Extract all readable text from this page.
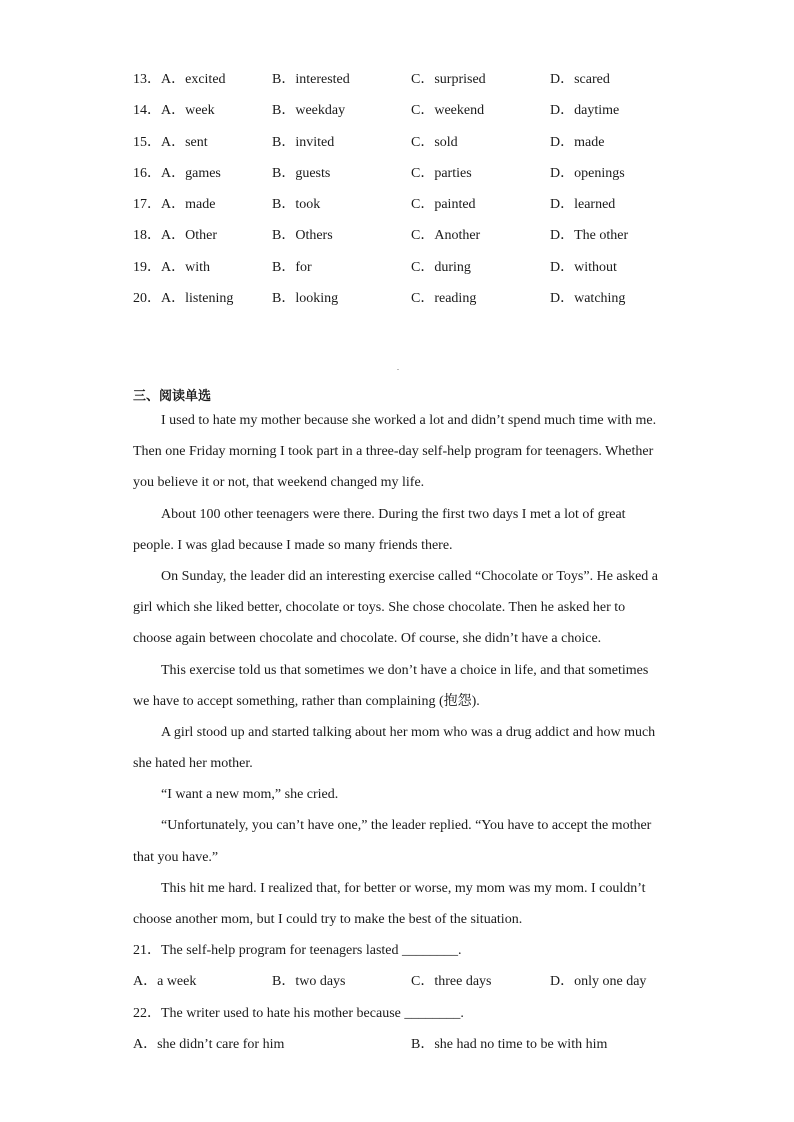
13．A．excited	B．interested	C．surprised	D．scared
14．A．week	B．weekday	C．weekend	D．daytime
15．A．sent	B．invited	C．sold	D．made
16．A．games	B．guests	C．parties	D．openings
17．A．made	B．took	C．painted	D．learned
18．A．Other	B．Others	C．Another	D．The other
19．A．with	B．for	C．during	D．without
20．A．listening	B．looking	C．reading	D．watching
三、阅读单选
I used to hate my mother because she worked a lot and didn’t spend much time with me.
Then one Friday morning I took part in a three-day self-help program for teenagers. Whether
you believe it or not, that weekend changed my life.
About 100 other teenagers were there. During the first two days I met a lot of great
people. I was glad because I made so many friends there.
On Sunday, the leader did an interesting exercise called “Chocolate or Toys”. He asked a
girl which she liked better, chocolate or toys. She chose chocolate. Then he asked her to
choose again between chocolate and chocolate. Of course, she didn’t have a choice.
This exercise told us that sometimes we don’t have a choice in life, and that sometimes
we have to accept something, rather than complaining (抱怨).
A girl stood up and started talking about her mom who was a drug addict and how much
she hated her mother.
“I want a new mom,” she cried.
“Unfortunately, you can’t have one,” the leader replied. “You have to accept the mother
that you have.”
This hit me hard. I realized that, for better or worse, my mom was my mom. I couldn’t
choose another mom, but I could try to make the best of the situation.
21．The self-help program for teenagers lasted ________.
A．a week	B．two days	C．three days	D．only one day
22．The writer used to hate his mother because ________.
A．she didn’t care for him	B．she had no time to be with him
